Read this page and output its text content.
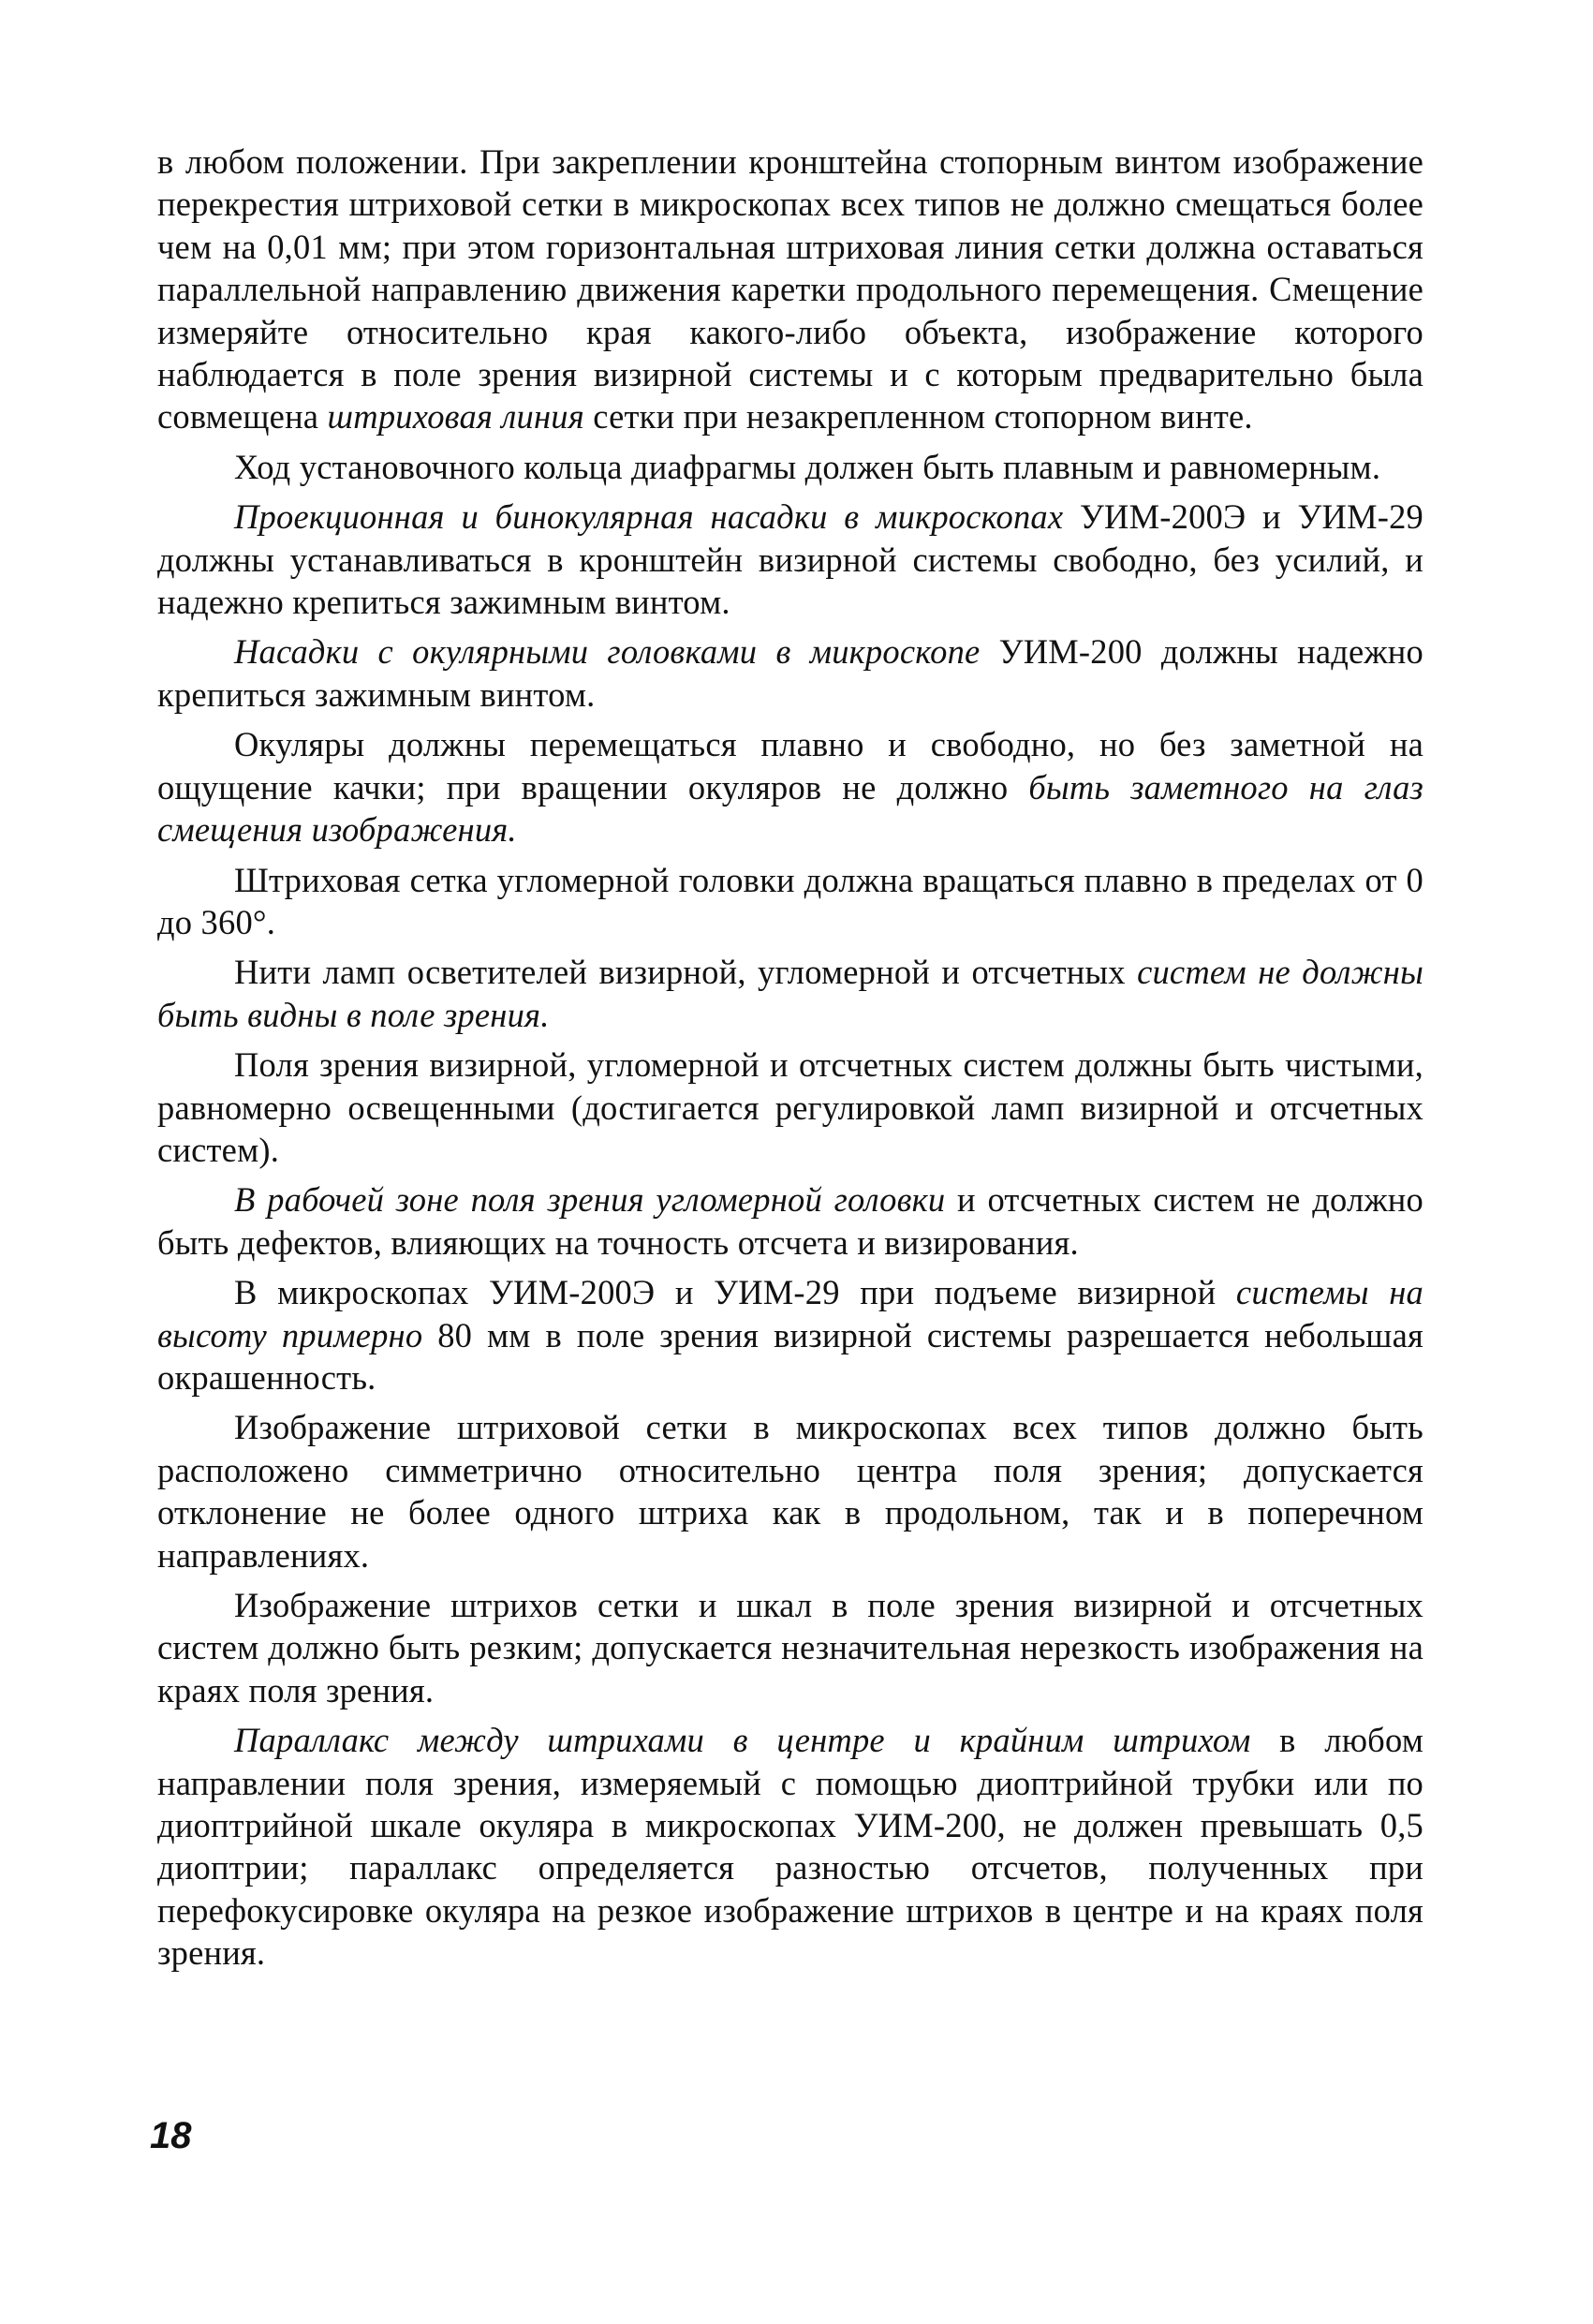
в любом положении. При закреплении кронштейна стопорным винтом изображение перекрестия штриховой сетки в микроскопах всех типов не должно смещаться более чем на 0,01 мм; при этом горизонтальная штриховая линия сетки должна оставаться параллельной направлению движения каретки продольного перемещения. Смещение измеряйте относительно края какого-либо объекта, изображение которого наблюдается в поле зрения визирной системы и с которым предварительно была совмещена штриховая линия сетки при незакрепленном стопорном винте.

Ход установочного кольца диафрагмы должен быть плавным и равномерным.

Проекционная и бинокулярная насадки в микроскопах УИМ-200Э и УИМ-29 должны устанавливаться в кронштейн визирной системы свободно, без усилий, и надежно крепиться зажимным винтом.

Насадки с окулярными головками в микроскопе УИМ-200 должны надежно крепиться зажимным винтом.

Окуляры должны перемещаться плавно и свободно, но без заметной на ощущение качки; при вращении окуляров не должно быть заметного на глаз смещения изображения.

Штриховая сетка угломерной головки должна вращаться плавно в пределах от 0 до 360°.

Нити ламп осветителей визирной, угломерной и отсчетных систем не должны быть видны в поле зрения.

Поля зрения визирной, угломерной и отсчетных систем должны быть чистыми, равномерно освещенными (достигается регулировкой ламп визирной и отсчетных систем).

В рабочей зоне поля зрения угломерной головки и отсчетных систем не должно быть дефектов, влияющих на точность отсчета и визирования.

В микроскопах УИМ-200Э и УИМ-29 при подъеме визирной системы на высоту примерно 80 мм в поле зрения визирной системы разрешается небольшая окрашенность.

Изображение штриховой сетки в микроскопах всех типов должно быть расположено симметрично относительно центра поля зрения; допускается отклонение не более одного штриха как в продольном, так и в поперечном направлениях.

Изображение штрихов сетки и шкал в поле зрения визирной и отсчетных систем должно быть резким; допускается незначительная нерезкость изображения на краях поля зрения.

Параллакс между штрихами в центре и крайним штрихом в любом направлении поля зрения, измеряемый с помощью диоптрийной трубки или по диоптрийной шкале окуляра в микроскопах УИМ-200, не должен превышать 0,5 диоптрии; параллакс определяется разностью отсчетов, полученных при перефокусировке окуляра на резкое изображение штрихов в центре и на краях поля зрения.

18
